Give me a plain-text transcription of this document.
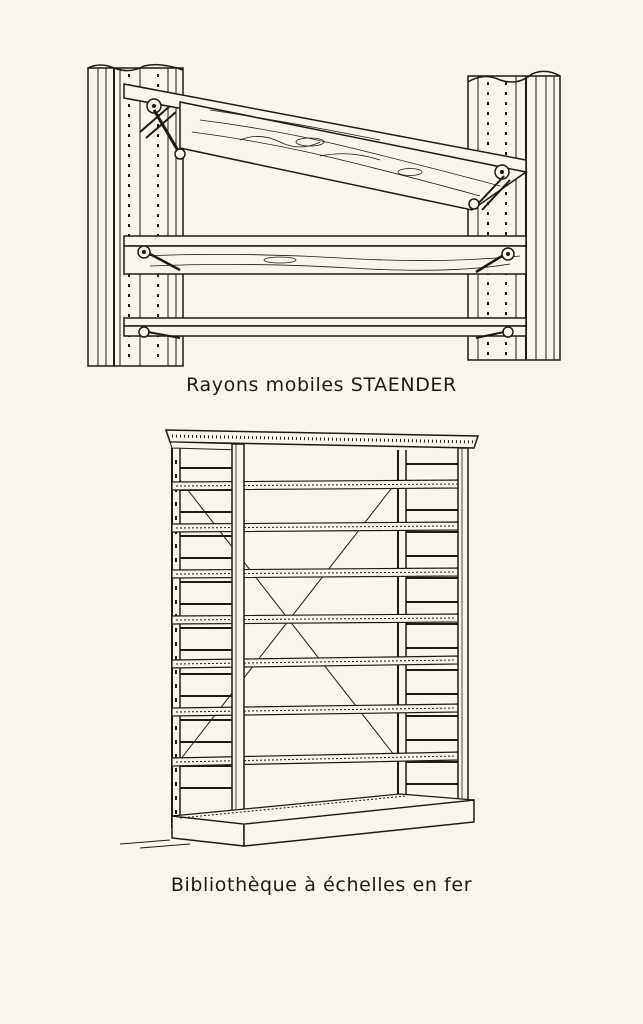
Rayons mobiles STAENDER
Bibliothèque à échelles en fer
